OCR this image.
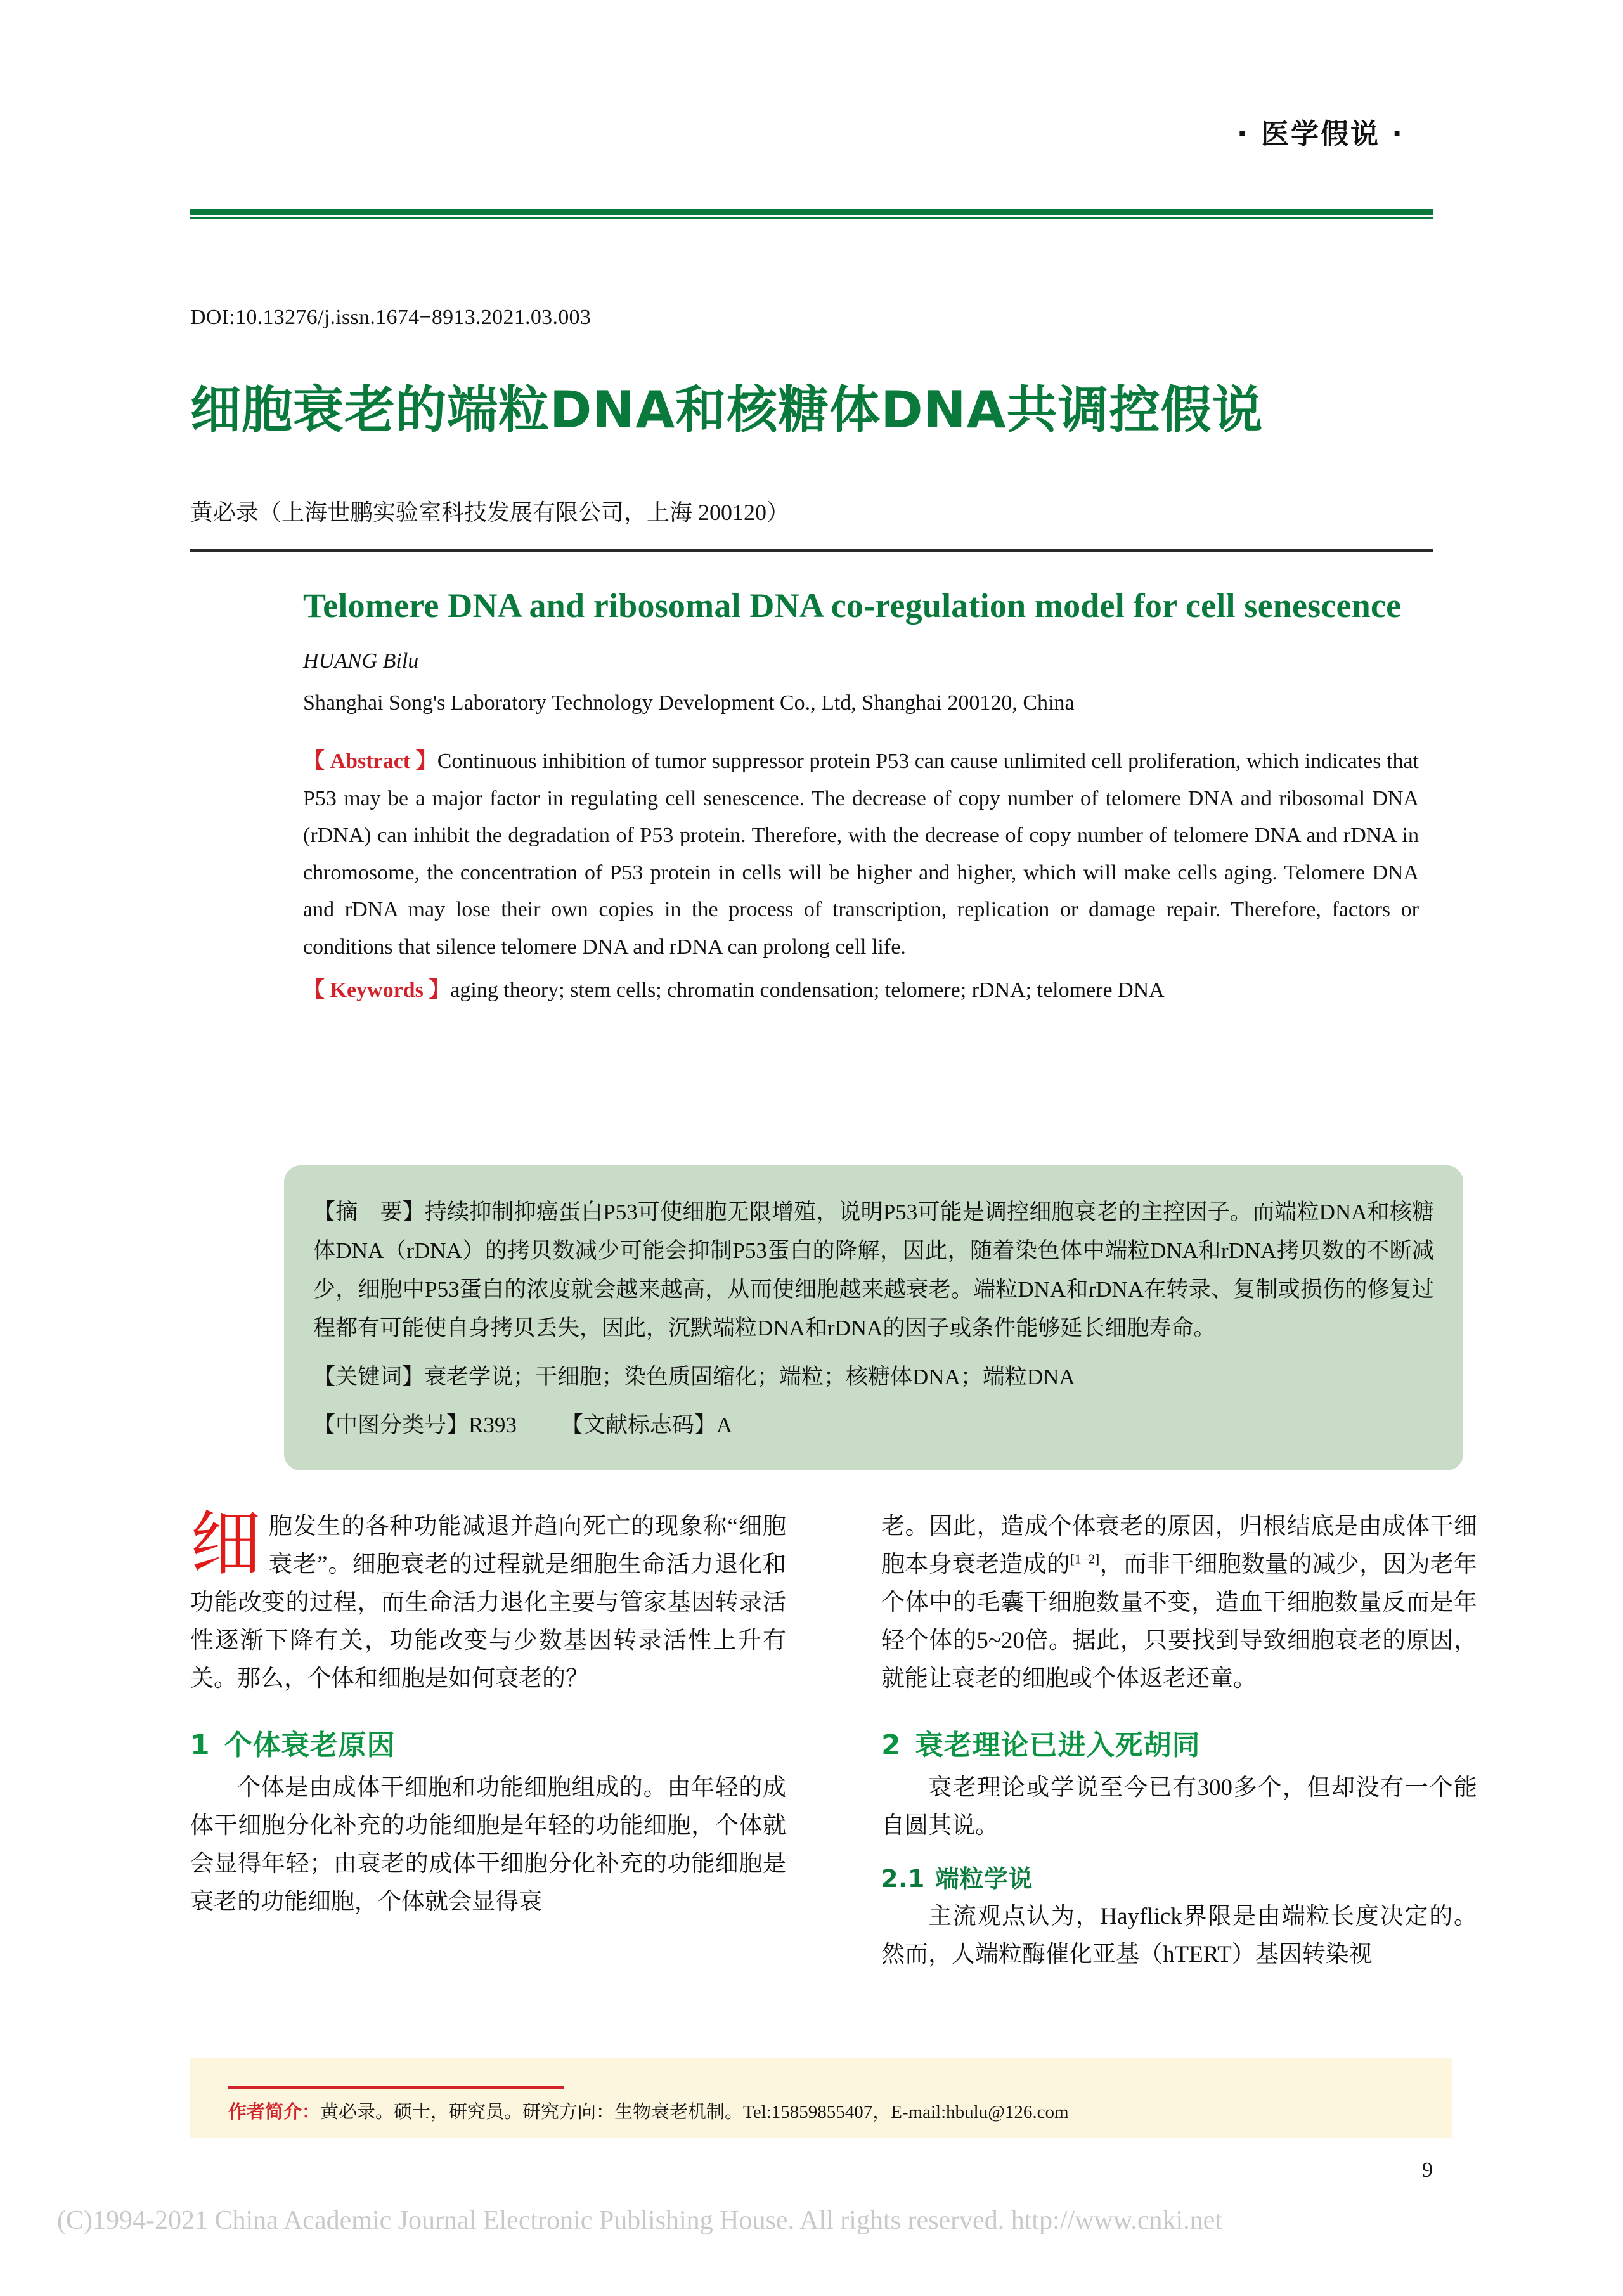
· 医学假说 ·
DOI:10.13276/j.issn.1674−8913.2021.03.003
细胞衰老的端粒DNA和核糖体DNA共调控假说
黄必录（上海世鹏实验室科技发展有限公司，上海 200120）
Telomere DNA and ribosomal DNA co-regulation model for cell senescence
HUANG Bilu
Shanghai Song's Laboratory Technology Development Co., Ltd, Shanghai 200120, China
【 Abstract 】Continuous inhibition of tumor suppressor protein P53 can cause unlimited cell proliferation, which indicates that P53 may be a major factor in regulating cell senescence. The decrease of copy number of telomere DNA and ribosomal DNA (rDNA) can inhibit the degradation of P53 protein. Therefore, with the decrease of copy number of telomere DNA and rDNA in chromosome, the concentration of P53 protein in cells will be higher and higher, which will make cells aging. Telomere DNA and rDNA may lose their own copies in the process of transcription, replication or damage repair. Therefore, factors or conditions that silence telomere DNA and rDNA can prolong cell life.
【 Keywords 】aging theory; stem cells; chromatin condensation; telomere; rDNA; telomere DNA

【摘　要】持续抑制抑癌蛋白P53可使细胞无限增殖，说明P53可能是调控细胞衰老的主控因子。而端粒DNA和核糖体DNA（rDNA）的拷贝数减少可能会抑制P53蛋白的降解，因此，随着染色体中端粒DNA和rDNA拷贝数的不断减少，细胞中P53蛋白的浓度就会越来越高，从而使细胞越来越衰老。端粒DNA和rDNA在转录、复制或损伤的修复过程都有可能使自身拷贝丢失，因此，沉默端粒DNA和rDNA的因子或条件能够延长细胞寿命。

【关键词】衰老学说；干细胞；染色质固缩化；端粒；核糖体DNA；端粒DNA
【中图分类号】R393 【文献标志码】A

细胞发生的各种功能减退并趋向死亡的现象称“细胞衰老”。细胞衰老的过程就是细胞生命活力退化和功能改变的过程，而生命活力退化主要与管家基因转录活性逐渐下降有关，功能改变与少数基因转录活性上升有关。那么，个体和细胞是如何衰老的？

1 个体衰老原因

个体是由成体干细胞和功能细胞组成的。由年轻的成体干细胞分化补充的功能细胞是年轻的功能细胞，个体就会显得年轻；由衰老的成体干细胞分化补充的功能细胞是衰老的功能细胞，个体就会显得衰

老。因此，造成个体衰老的原因，归根结底是由成体干细胞本身衰老造成的[1–2]，而非干细胞数量的减少，因为老年个体中的毛囊干细胞数量不变，造血干细胞数量反而是年轻个体的5~20倍。据此，只要找到导致细胞衰老的原因，就能让衰老的细胞或个体返老还童。

2 衰老理论已进入死胡同

衰老理论或学说至今已有300多个，但却没有一个能自圆其说。

2.1 端粒学说

主流观点认为，Hayflick界限是由端粒长度决定的。然而，人端粒酶催化亚基（hTERT）基因转染视

作者简介：黄必录。硕士，研究员。研究方向：生物衰老机制。Tel:15859855407，E-mail:hbulu@126.com
9
(C)1994-2021 China Academic Journal Electronic Publishing House. All rights reserved. http://www.cnki.net
